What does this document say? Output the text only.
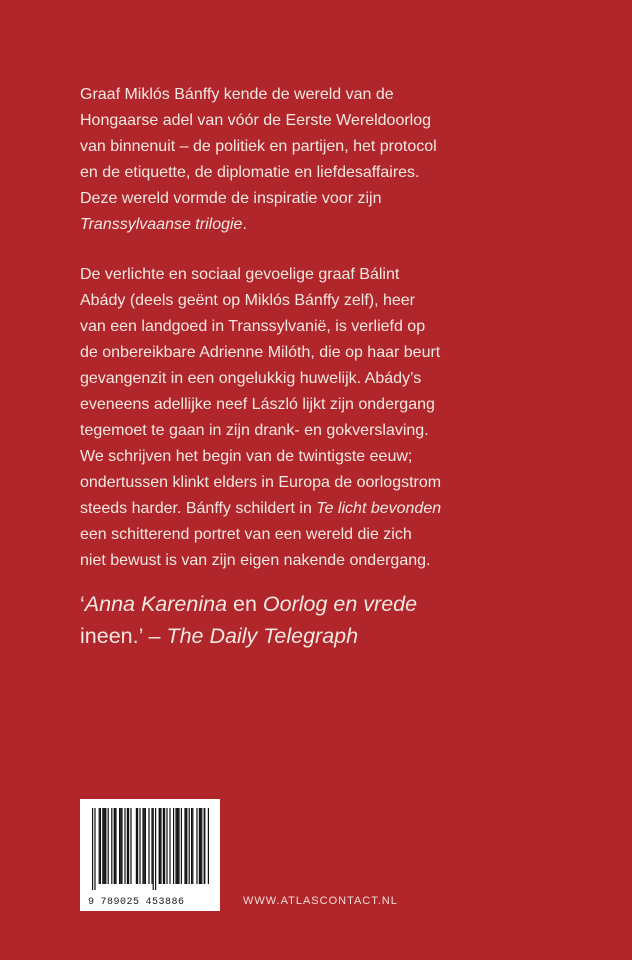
Graaf Miklós Bánffy kende de wereld van de

Hongaarse adel van vóór de Eerste Wereldoorlog

van binnenuit – de politiek en partijen, het protocol

en de etiquette, de diplomatie en liefdesaffaires.

Deze wereld vormde de inspiratie voor zijn

Transsylvaanse trilogie.

De verlichte en sociaal gevoelige graaf Bálint

Abády (deels geënt op Miklós Bánffy zelf), heer

van een landgoed in Transsylvanië, is verliefd op

de onbereikbare Adrienne Milóth, die op haar beurt

gevangenzit in een ongelukkig huwelijk. Abády’s

eveneens adellijke neef László lijkt zijn ondergang

tegemoet te gaan in zijn drank- en gokverslaving.

We schrijven het begin van de twintigste eeuw;

ondertussen klinkt elders in Europa de oorlogstrom

steeds harder. Bánffy schildert in Te licht bevonden

een schitterend portret van een wereld die zich

niet bewust is van zijn eigen nakende ondergang.

‘Anna Karenina en Oorlog en vrede

ineen.’ – The Daily Telegraph

9 789025 453886	WWW.ATLASCONTACT.NL
